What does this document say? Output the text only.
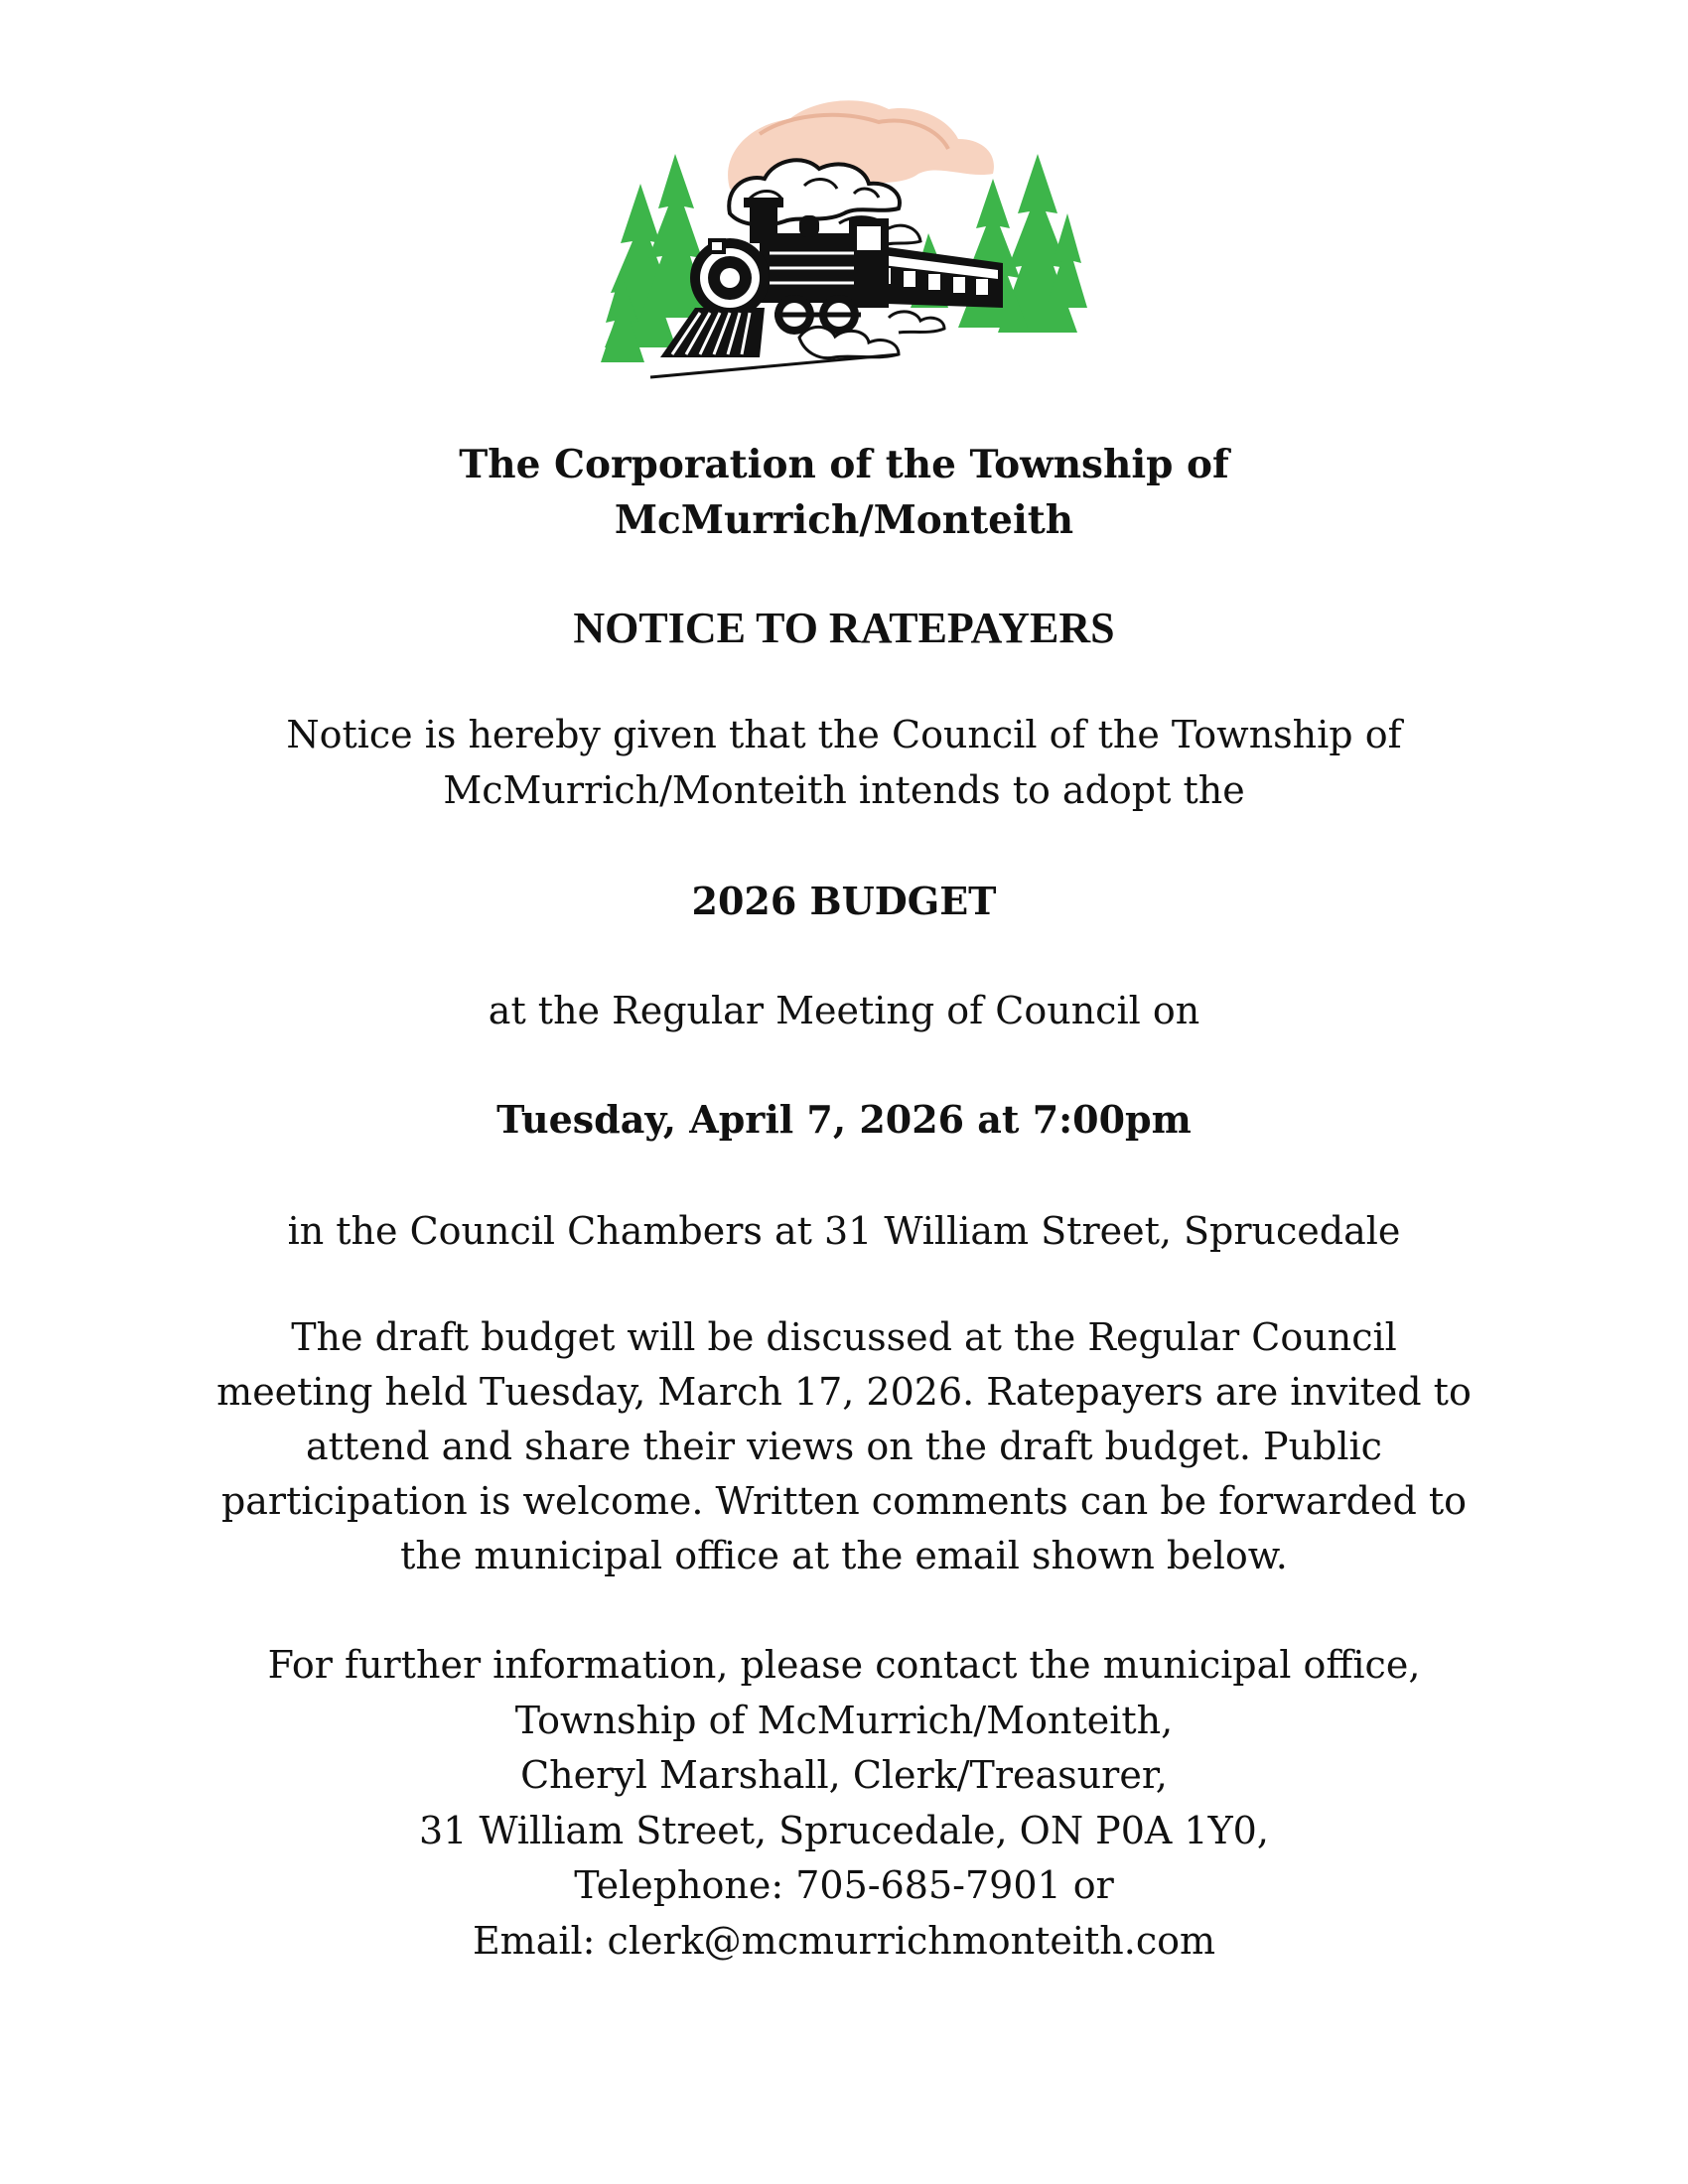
The Corporation of the Township of
McMurrich/Monteith
NOTICE TO RATEPAYERS

Notice is hereby given that the Council of the Township of
McMurrich/Monteith intends to adopt the

2026 BUDGET

at the Regular Meeting of Council on

Tuesday, April 7, 2026 at 7:00pm

in the Council Chambers at 31 William Street, Sprucedale

The draft budget will be discussed at the Regular Council
meeting held Tuesday, March 17, 2026. Ratepayers are invited to
attend and share their views on the draft budget. Public
participation is welcome. Written comments can be forwarded to
the municipal office at the email shown below.

For further information, please contact the municipal office,
Township of McMurrich/Monteith,
Cheryl Marshall, Clerk/Treasurer,
31 William Street, Sprucedale, ON P0A 1Y0,
Telephone: 705-685-7901 or
Email: clerk@mcmurrichmonteith.com
